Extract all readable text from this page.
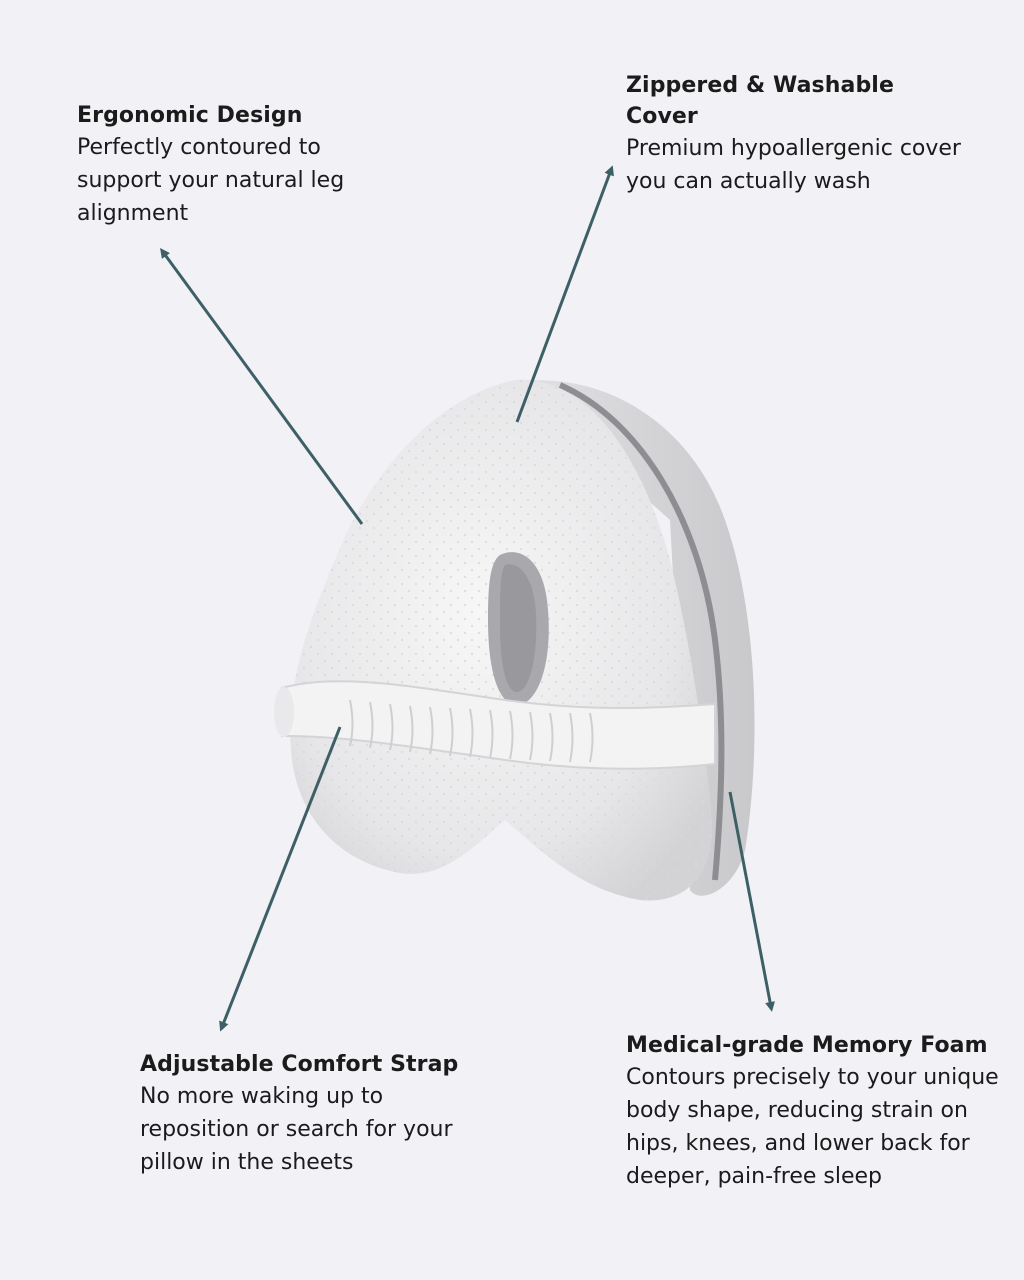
Ergonomic Design

Perfectly contoured to support your natural leg alignment

Zippered & Washable Cover

Premium hypoallergenic cover you can actually wash

Adjustable Comfort Strap

No more waking up to reposition or search for your pillow in the sheets

Medical-grade Memory Foam

Contours precisely to your unique body shape, reducing strain on hips, knees, and lower back for deeper, pain-free sleep
